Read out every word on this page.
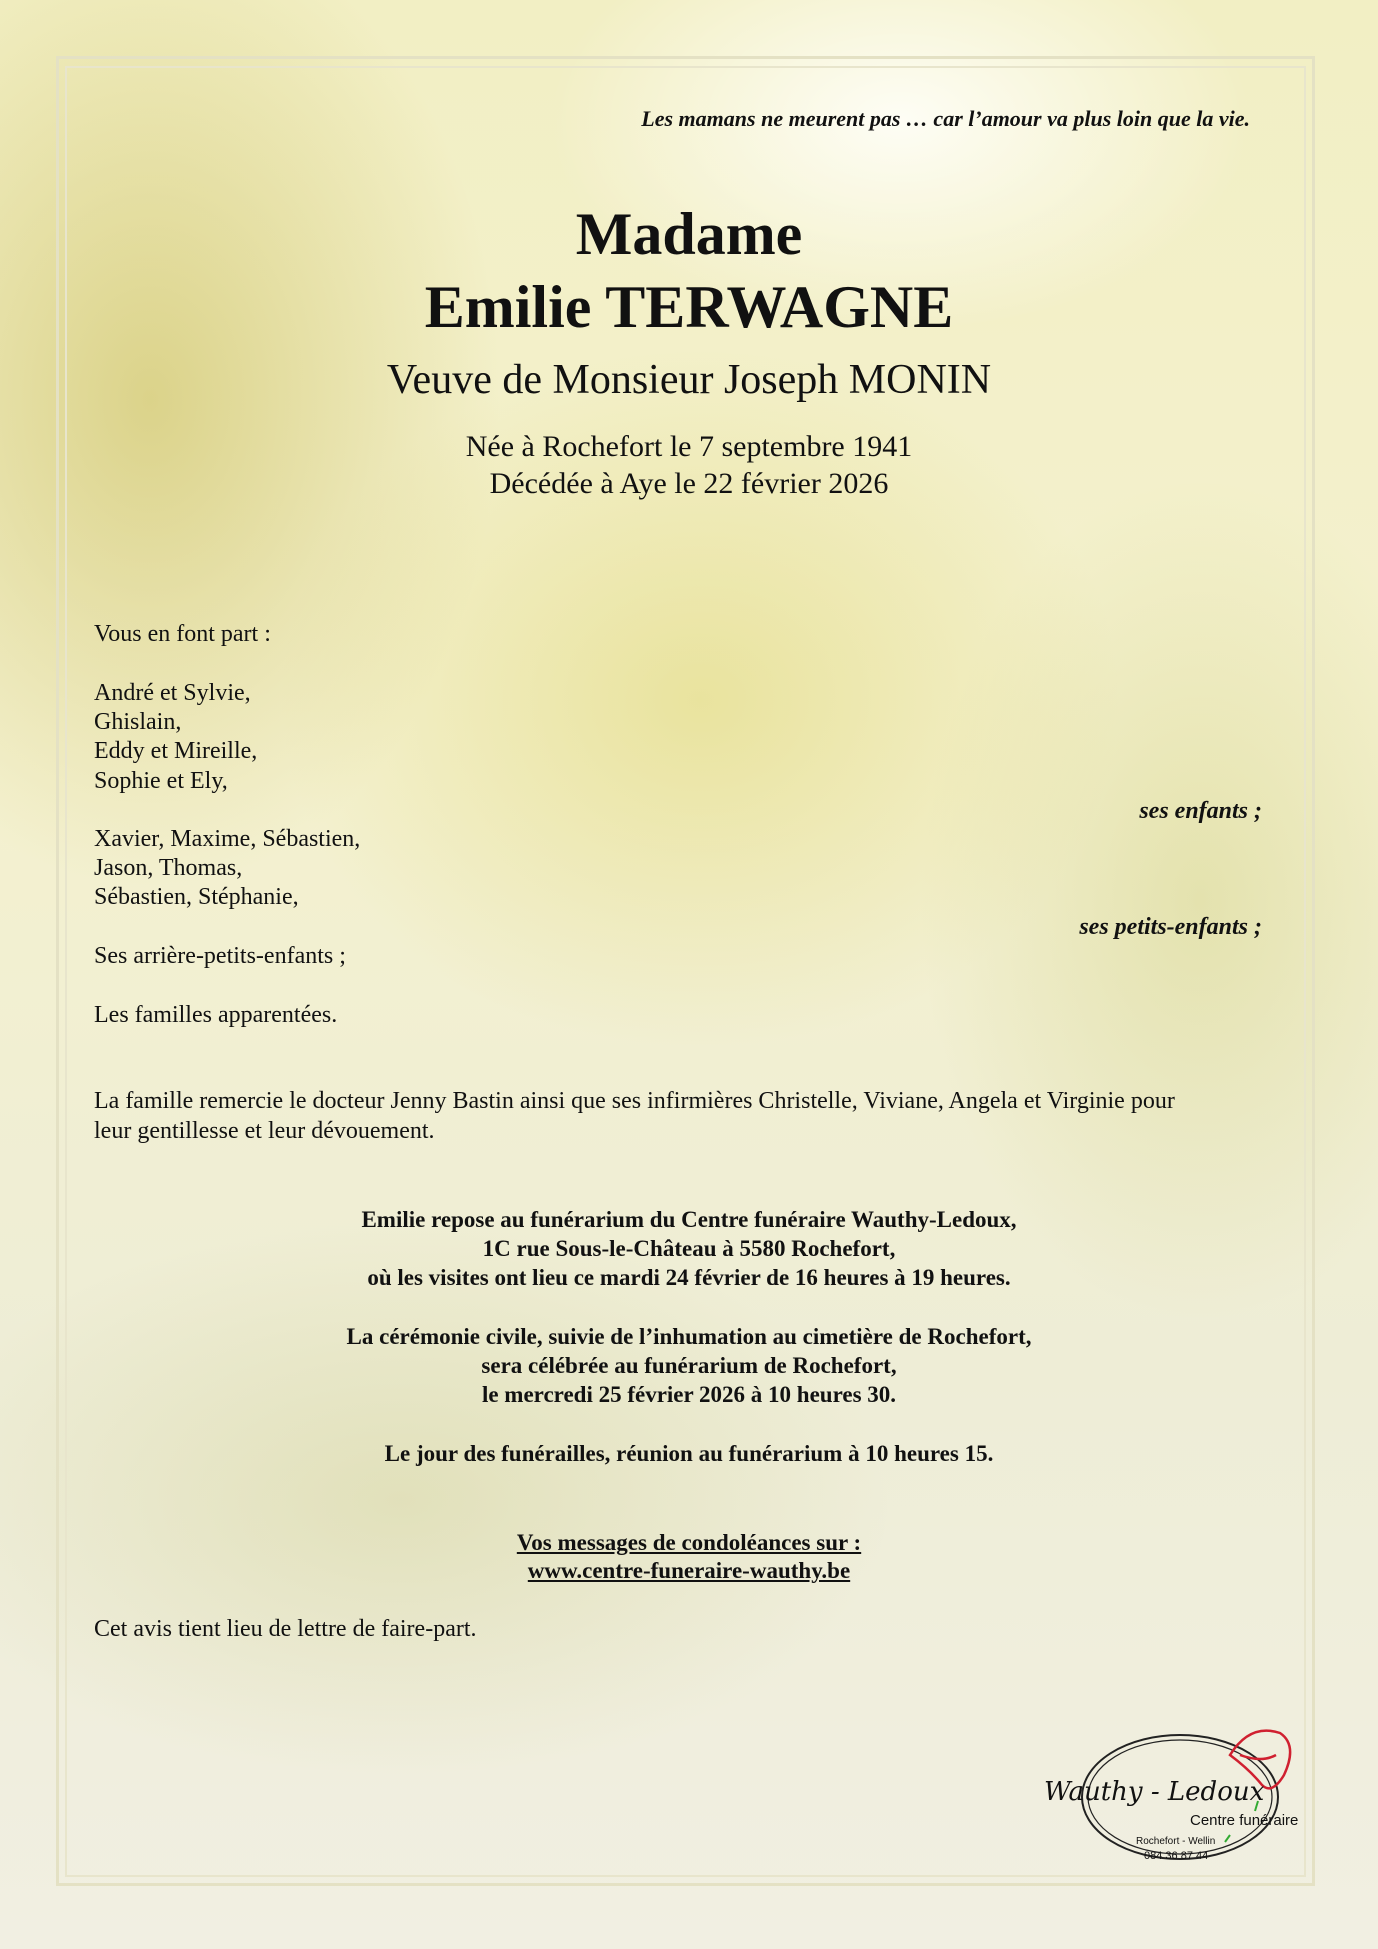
Les mamans ne meurent pas … car l’amour va plus loin que la vie.
Madame
Emilie TERWAGNE
Veuve de Monsieur Joseph MONIN
Née à Rochefort le 7 septembre 1941
Décédée à Aye le 22 février 2026
Vous en font part :
André et Sylvie,
Ghislain,
Eddy et Mireille,
Sophie et Ely,
ses enfants ;
Xavier, Maxime, Sébastien,
Jason, Thomas,
Sébastien, Stéphanie,
ses petits-enfants ;
Ses arrière-petits-enfants ;
Les familles apparentées.
La famille remercie le docteur Jenny Bastin ainsi que ses infirmières Christelle, Viviane, Angela et Virginie pour
leur gentillesse et leur dévouement.
Emilie repose au funérarium du Centre funéraire Wauthy-Ledoux,
1C rue Sous-le-Château à 5580 Rochefort,
où les visites ont lieu ce mardi 24 février de 16 heures à 19 heures.
La cérémonie civile, suivie de l’inhumation au cimetière de Rochefort,
sera célébrée au funérarium de Rochefort,
le mercredi 25 février 2026 à 10 heures 30.
Le jour des funérailles, réunion au funérarium à 10 heures 15.
Vos messages de condoléances sur :
www.centre-funeraire-wauthy.be
Cet avis tient lieu de lettre de faire-part.
Wauthy - Ledoux
Centre funéraire
Rochefort - Wellin
084 36 87 44
